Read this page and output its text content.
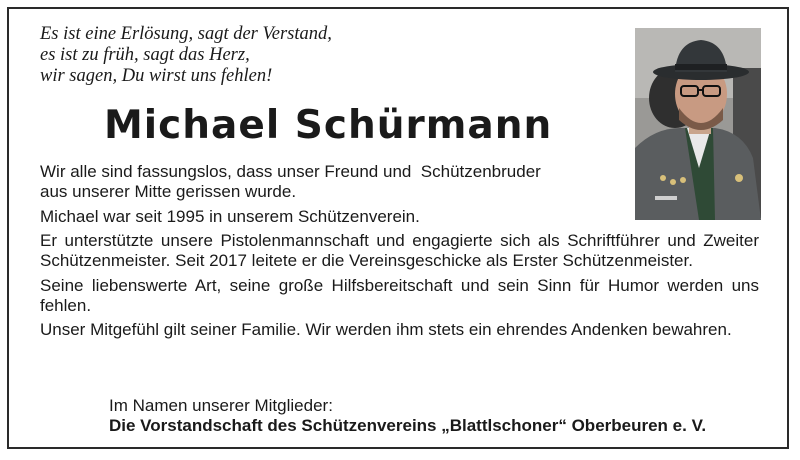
Es ist eine Erlösung, sagt der Verstand,
es ist zu früh, sagt das Herz,
wir sagen, Du wirst uns fehlen!
Michael Schürmann
Wir alle sind fassungslos, dass unser Freund und  Schützenbruder
aus unserer Mitte gerissen wurde.
Michael war seit 1995 in unserem Schützenverein.
Er unterstützte unsere Pistolenmannschaft und engagierte sich als Schriftführer und Zweiter Schützenmeister. Seit 2017 leitete er die Vereinsgeschicke als Erster Schützenmeister.
Seine liebenswerte Art, seine große Hilfsbereitschaft und sein Sinn für Humor werden uns fehlen.
Unser Mitgefühl gilt seiner Familie. Wir werden ihm stets ein ehrendes Andenken bewahren.
Im Namen unserer Mitglieder:
Die Vorstandschaft des Schützenvereins „Blattlschoner“ Oberbeuren e. V.
